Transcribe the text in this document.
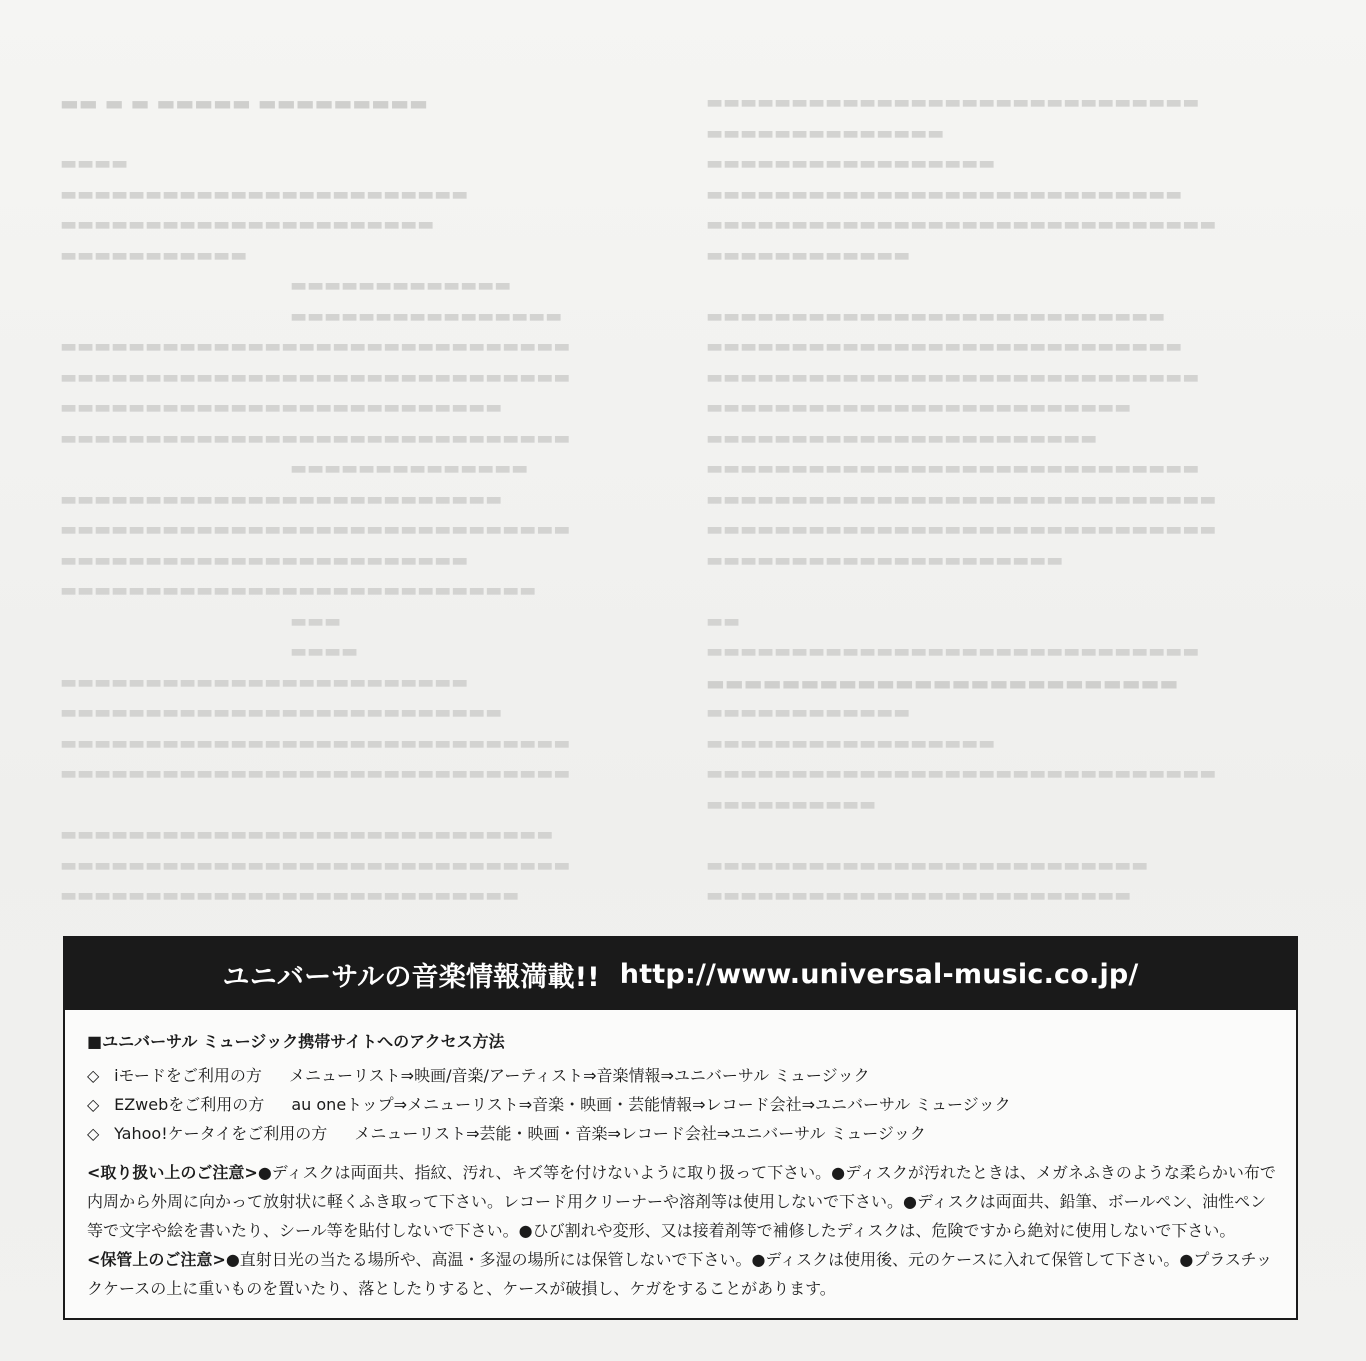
▬▬ ▬ ▬ ▬▬▬▬▬ ▬▬▬▬▬▬▬▬▬
▬▬▬▬
▬▬▬▬▬▬▬▬▬▬▬▬▬▬▬▬▬▬▬▬▬▬▬▬
▬▬▬▬▬▬▬▬▬▬▬▬▬▬▬▬▬▬▬▬▬▬
▬▬▬▬▬▬▬▬▬▬▬
▬▬▬▬▬▬▬▬▬▬▬▬▬
▬▬▬▬▬▬▬▬▬▬▬▬▬▬▬▬
▬▬▬▬▬▬▬▬▬▬▬▬▬▬▬▬▬▬▬▬▬▬▬▬▬▬▬▬▬▬
▬▬▬▬▬▬▬▬▬▬▬▬▬▬▬▬▬▬▬▬▬▬▬▬▬▬▬▬▬▬
▬▬▬▬▬▬▬▬▬▬▬▬▬▬▬▬▬▬▬▬▬▬▬▬▬▬
▬▬▬▬▬▬▬▬▬▬▬▬▬▬▬▬▬▬▬▬▬▬▬▬▬▬▬▬▬▬
▬▬▬▬▬▬▬▬▬▬▬▬▬▬
▬▬▬▬▬▬▬▬▬▬▬▬▬▬▬▬▬▬▬▬▬▬▬▬▬▬
▬▬▬▬▬▬▬▬▬▬▬▬▬▬▬▬▬▬▬▬▬▬▬▬▬▬▬▬▬▬
▬▬▬▬▬▬▬▬▬▬▬▬▬▬▬▬▬▬▬▬▬▬▬▬
▬▬▬▬▬▬▬▬▬▬▬▬▬▬▬▬▬▬▬▬▬▬▬▬▬▬▬▬
▬▬▬
▬▬▬▬
▬▬▬▬▬▬▬▬▬▬▬▬▬▬▬▬▬▬▬▬▬▬▬▬
▬▬▬▬▬▬▬▬▬▬▬▬▬▬▬▬▬▬▬▬▬▬▬▬▬▬
▬▬▬▬▬▬▬▬▬▬▬▬▬▬▬▬▬▬▬▬▬▬▬▬▬▬▬▬▬▬
▬▬▬▬▬▬▬▬▬▬▬▬▬▬▬▬▬▬▬▬▬▬▬▬▬▬▬▬▬▬
▬▬▬▬▬▬▬▬▬▬▬▬▬▬▬▬▬▬▬▬▬▬▬▬▬▬▬▬▬
▬▬▬▬▬▬▬▬▬▬▬▬▬▬▬▬▬▬▬▬▬▬▬▬▬▬▬▬▬▬
▬▬▬▬▬▬▬▬▬▬▬▬▬▬▬▬▬▬▬▬▬▬▬▬▬▬▬
▬▬▬▬▬▬▬▬▬▬▬▬▬▬▬▬▬▬▬▬▬▬▬▬▬▬▬▬▬
▬▬▬▬▬▬▬▬▬▬▬▬▬▬
▬▬▬▬▬▬▬▬▬▬▬▬▬▬▬▬▬
▬▬▬▬▬▬▬▬▬▬▬▬▬▬▬▬▬▬▬▬▬▬▬▬▬▬▬▬
▬▬▬▬▬▬▬▬▬▬▬▬▬▬▬▬▬▬▬▬▬▬▬▬▬▬▬▬▬▬
▬▬▬▬▬▬▬▬▬▬▬▬
▬▬▬▬▬▬▬▬▬▬▬▬▬▬▬▬▬▬▬▬▬▬▬▬▬▬▬
▬▬▬▬▬▬▬▬▬▬▬▬▬▬▬▬▬▬▬▬▬▬▬▬▬▬▬▬
▬▬▬▬▬▬▬▬▬▬▬▬▬▬▬▬▬▬▬▬▬▬▬▬▬▬▬▬▬
▬▬▬▬▬▬▬▬▬▬▬▬▬▬▬▬▬▬▬▬▬▬▬▬▬
▬▬▬▬▬▬▬▬▬▬▬▬▬▬▬▬▬▬▬▬▬▬▬
▬▬▬▬▬▬▬▬▬▬▬▬▬▬▬▬▬▬▬▬▬▬▬▬▬▬▬▬▬
▬▬▬▬▬▬▬▬▬▬▬▬▬▬▬▬▬▬▬▬▬▬▬▬▬▬▬▬▬▬
▬▬▬▬▬▬▬▬▬▬▬▬▬▬▬▬▬▬▬▬▬▬▬▬▬▬▬▬▬▬
▬▬▬▬▬▬▬▬▬▬▬▬▬▬▬▬▬▬▬▬▬
▬▬
▬▬▬▬▬▬▬▬▬▬▬▬▬▬▬▬▬▬▬▬▬▬▬▬▬▬▬▬▬
▬▬▬▬▬▬▬▬▬▬▬▬▬▬▬▬▬▬▬▬▬▬▬▬▬
▬▬▬▬▬▬▬▬▬▬▬▬
▬▬▬▬▬▬▬▬▬▬▬▬▬▬▬▬▬
▬▬▬▬▬▬▬▬▬▬▬▬▬▬▬▬▬▬▬▬▬▬▬▬▬▬▬▬▬▬
▬▬▬▬▬▬▬▬▬▬
▬▬▬▬▬▬▬▬▬▬▬▬▬▬▬▬▬▬▬▬▬▬▬▬▬▬
▬▬▬▬▬▬▬▬▬▬▬▬▬▬▬▬▬▬▬▬▬▬▬▬▬
ユニバーサルの音楽情報満載!! http://www.universal-music.co.jp/
■ユニバーサル ミュージック携帯サイトへのアクセス方法
◇ iモードをご利用の方 メニューリスト⇒映画/音楽/アーティスト⇒音楽情報⇒ユニバーサル ミュージック
◇ EZwebをご利用の方 au oneトップ⇒メニューリスト⇒音楽・映画・芸能情報⇒レコード会社⇒ユニバーサル ミュージック
◇ Yahoo!ケータイをご利用の方 メニューリスト⇒芸能・映画・音楽⇒レコード会社⇒ユニバーサル ミュージック

<取り扱い上のご注意>●ディスクは両面共、指紋、汚れ、キズ等を付けないように取り扱って下さい。●ディスクが汚れたときは、メガネふきのような柔らかい布で内周から外周に向かって放射状に軽くふき取って下さい。レコード用クリーナーや溶剤等は使用しないで下さい。●ディスクは両面共、鉛筆、ボールペン、油性ペン等で文字や絵を書いたり、シール等を貼付しないで下さい。●ひび割れや変形、又は接着剤等で補修したディスクは、危険ですから絶対に使用しないで下さい。

<保管上のご注意>●直射日光の当たる場所や、高温・多湿の場所には保管しないで下さい。●ディスクは使用後、元のケースに入れて保管して下さい。●プラスチックケースの上に重いものを置いたり、落としたりすると、ケースが破損し、ケガをすることがあります。
